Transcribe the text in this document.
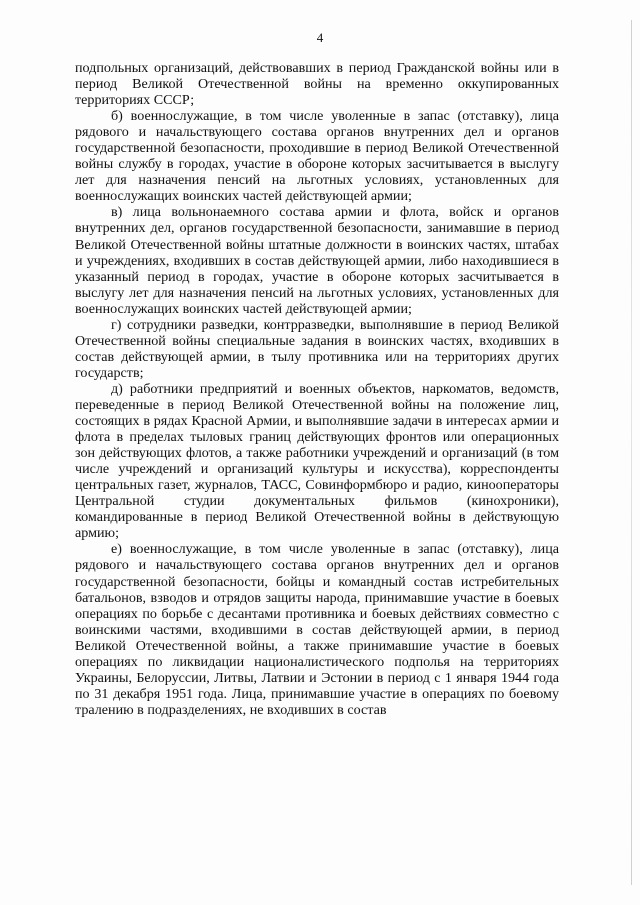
4

подпольных организаций, действовавших в период Гражданской войны или в период Великой Отечественной войны на временно оккупированных территориях СССР;

б) военнослужащие, в том числе уволенные в запас (отставку), лица рядового и начальствующего состава органов внутренних дел и органов государственной безопасности, проходившие в период Великой Отечественной войны службу в городах, участие в обороне которых засчитывается в выслугу лет для назначения пенсий на льготных условиях, установленных для военнослужащих воинских частей действующей армии;

в) лица вольнонаемного состава армии и флота, войск и органов внутренних дел, органов государственной безопасности, занимавшие в период Великой Отечественной войны штатные должности в воинских частях, штабах и учреждениях, входивших в состав действующей армии, либо находившиеся в указанный период в городах, участие в обороне которых засчитывается в выслугу лет для назначения пенсий на льготных условиях, установленных для военнослужащих воинских частей действующей армии;

г) сотрудники разведки, контрразведки, выполнявшие в период Великой Отечественной войны специальные задания в воинских частях, входивших в состав действующей армии, в тылу противника или на территориях других государств;

д) работники предприятий и военных объектов, наркоматов, ведомств, переведенные в период Великой Отечественной войны на положение лиц, состоящих в рядах Красной Армии, и выполнявшие задачи в интересах армии и флота в пределах тыловых границ действующих фронтов или операционных зон действующих флотов, а также работники учреждений и организаций (в том числе учреждений и организаций культуры и искусства), корреспонденты центральных газет, журналов, ТАСС, Совинформбюро и радио, кинооператоры Центральной студии документальных фильмов (кинохроники), командированные в период Великой Отечественной войны в действующую армию;

е) военнослужащие, в том числе уволенные в запас (отставку), лица рядового и начальствующего состава органов внутренних дел и органов государственной безопасности, бойцы и командный состав истребительных батальонов, взводов и отрядов защиты народа, принимавшие участие в боевых операциях по борьбе с десантами противника и боевых действиях совместно с воинскими частями, входившими в состав действующей армии, в период Великой Отечественной войны, а также принимавшие участие в боевых операциях по ликвидации националистического подполья на территориях Украины, Белоруссии, Литвы, Латвии и Эстонии в период с 1 января 1944 года по 31 декабря 1951 года. Лица, принимавшие участие в операциях по боевому тралению в подразделениях, не входивших в состав
